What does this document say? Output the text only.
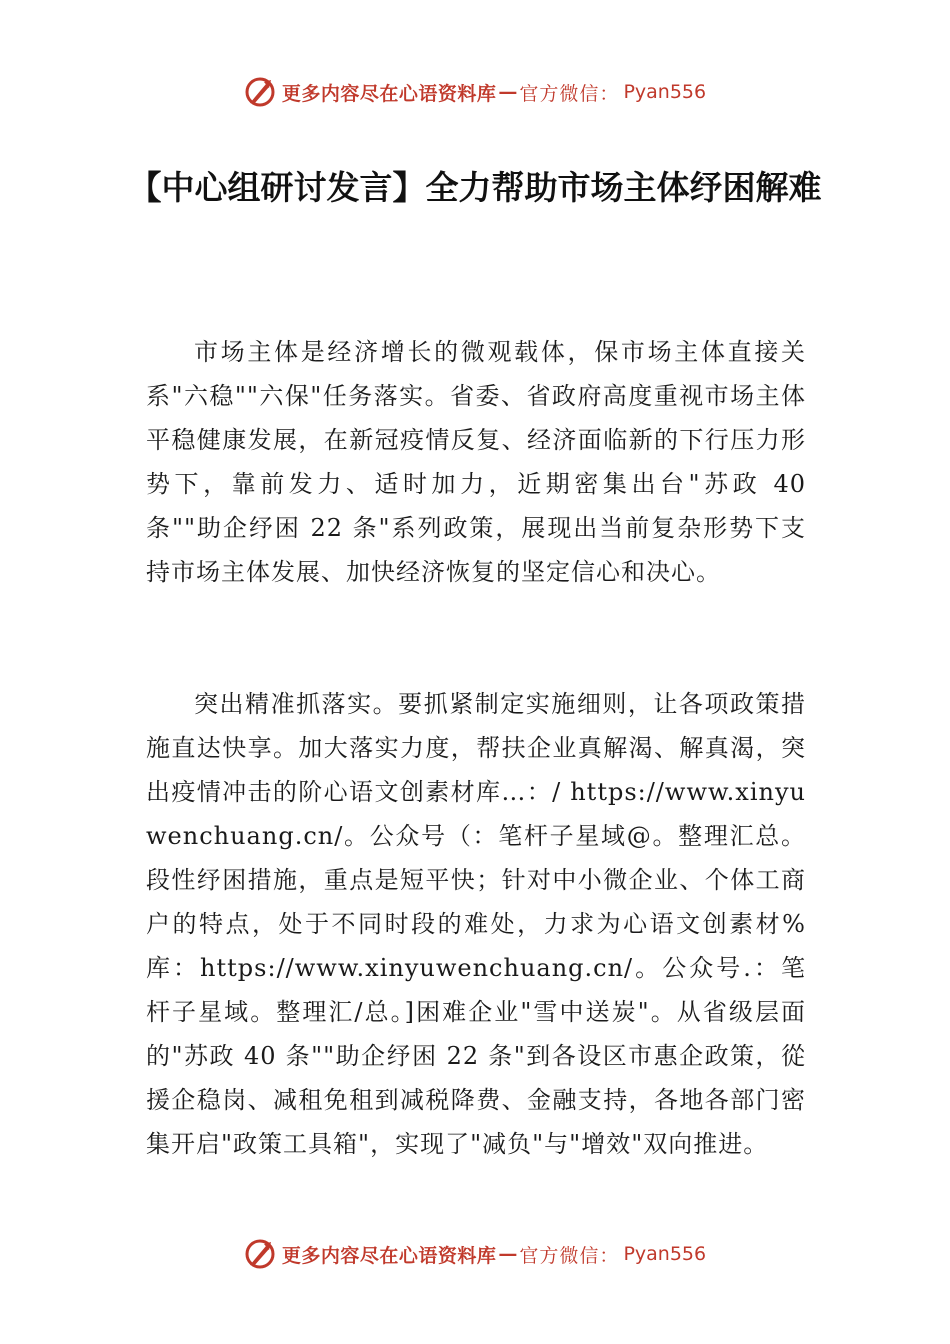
更多内容尽在心语资料库 — 官方微信： Pyan556
【中心组研讨发言】全力帮助市场主体纾困解难

市场主体是经济增长的微观载体，保市场主体直接关系"六稳""六保"任务落实。省委、省政府高度重视市场主体平稳健康发展，在新冠疫情反复、经济面临新的下行压力形势下，靠前发力、适时加力，近期密集出台"苏政 40 条""助企纾困 22 条"系列政策，展现出当前复杂形势下支持市场主体发展、加快经济恢复的坚定信心和决心。

突出精准抓落实。要抓紧制定实施细则，让各项政策措施直达快享。加大落实力度，帮扶企业真解渴、解真渴，突出疫情冲击的阶心语文创素材库…：/ https://www.xinyuwenchuang.cn/。公众号（：笔杆子星域@。整理汇总。段性纾困措施，重点是短平快；针对中小微企业、个体工商户的特点，处于不同时段的难处，力求为心语文创素材%库：https://www.xinyuwenchuang.cn/。公众号.：笔杆子星域。整理汇/总。]困难企业"雪中送炭"。从省级层面的"苏政 40 条""助企纾困 22 条"到各设区市惠企政策，從援企稳岗、减租免租到减税降费、金融支持，各地各部门密集开启"政策工具箱"，实现了"减负"与"增效"双向推进。

更多内容尽在心语资料库 — 官方微信： Pyan556
